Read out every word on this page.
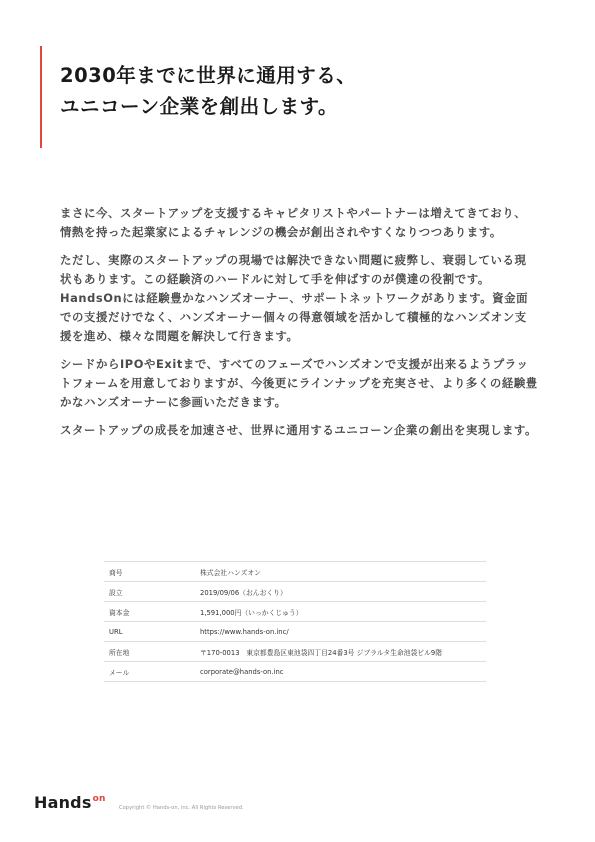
2030年までに世界に通用する、
ユニコーン企業を創出します。

まさに今、スタートアップを支援するキャピタリストやパートナーは増えてきており、情熱を持った起業家によるチャレンジの機会が創出されやすくなりつつあります。

ただし、実際のスタートアップの現場では解決できない問題に疲弊し、衰弱している現状もあります。この経験済のハードルに対して手を伸ばすのが僕達の役割です。HandsOnには経験豊かなハンズオーナー、サポートネットワークがあります。資金面での支援だけでなく、ハンズオーナー個々の得意領域を活かして積極的なハンズオン支援を進め、様々な問題を解決して行きます。

シードからIPOやExitまで、すべてのフェーズでハンズオンで支援が出来るようプラットフォームを用意しておりますが、今後更にラインナップを充実させ、より多くの経験豊かなハンズオーナーに参画いただきます。

スタートアップの成長を加速させ、世界に通用するユニコーン企業の創出を実現します。

商号	株式会社ハンズオン
設立	2019/09/06（おんおくり）
資本金	1,591,000円（いっかくじゅう）
URL	https://www.hands-on.inc/
所在地	〒170-0013　東京都豊島区東池袋四丁目24番3号 ジブラルタ生命池袋ビル9階
メール	corporate@hands-on.inc
Hands$^{on}$
Copyright © Hands-on, inc. All Rights Reserved.
